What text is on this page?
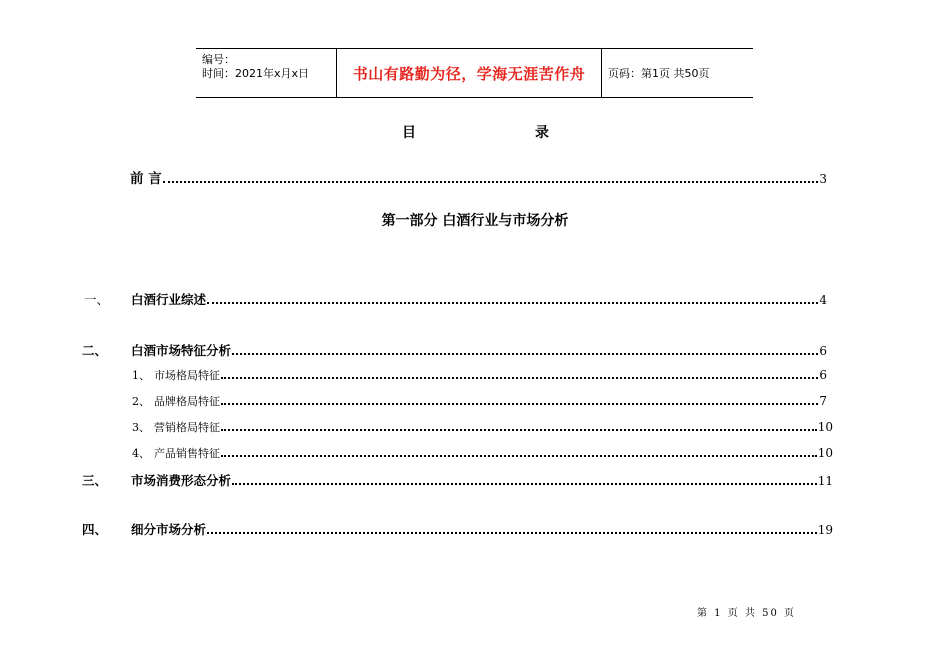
编号：
时间：2021年x月x日	书山有路勤为径，学海无涯苦作舟	页码：第1页 共50页
目	录
前 言	3
第一部分 白酒行业与市场分析
一、 白酒行业综述	4
二、 白酒市场特征分析	6
1、 市场格局特征	6
2、 品牌格局特征	7
3、 营销格局特征	10
4、 产品销售特征	10
三、 市场消费形态分析	11
四、 细分市场分析	19
第 1 页 共 50 页
